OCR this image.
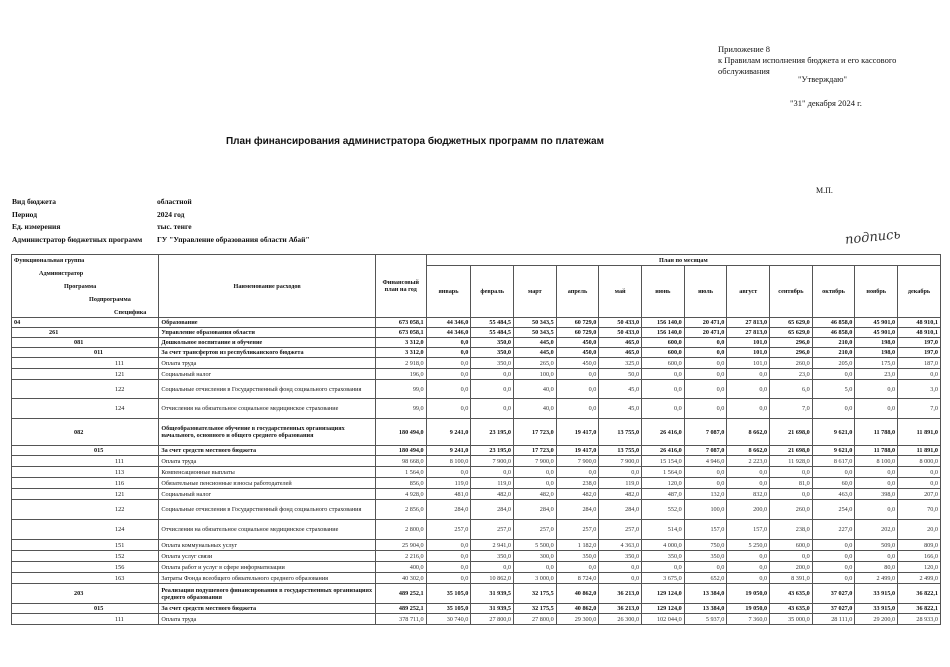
Приложение 8
к Правилам исполнения бюджета и его кассового обслуживания
"Утверждаю"
"31" декабря 2024 г.
План финансирования администратора бюджетных программ по платежам
М.П.
Вид бюджета	областной
Период	2024 год
Ед. измерения	тыс. тенге
Администратор бюджетных программ ГУ "Управление образования области Абай"	подпись
Функциональная группа
Администратор
Программа
Подпрограмма
Специфика	Наименование расходов	Финансовый план на год	План по месяцам											
			январь	февраль	март	апрель	май	июнь	июль	август	сентябрь	октябрь	ноябрь	декабрь
04	Образование	673 058,1	44 346,0	55 484,5	50 343,5	60 729,0	50 433,0	156 140,0	20 471,0	27 813,0	65 629,0	46 858,0	45 901,0	48 910,1
261	Управление образования области	673 058,1	44 346,0	55 484,5	50 343,5	60 729,0	50 433,0	156 140,0	20 471,0	27 813,0	65 629,0	46 858,0	45 901,0	48 910,1
081	Дошкольное воспитание и обучение	3 312,0	0,0	350,0	445,0	450,0	465,0	600,0	0,0	101,0	296,0	210,0	198,0	197,0
011	За счет трансфертов из республиканского бюджета	3 312,0	0,0	350,0	445,0	450,0	465,0	600,0	0,0	101,0	296,0	210,0	198,0	197,0
111	Оплата труда	2 918,0	0,0	350,0	265,0	450,0	325,0	600,0	0,0	101,0	260,0	205,0	175,0	187,0
121	Социальный налог	196,0	0,0	0,0	100,0	0,0	50,0	0,0	0,0	0,0	23,0	0,0	23,0	0,0
122	Социальные отчисления в Государственный фонд социального страхования	99,0	0,0	0,0	40,0	0,0	45,0	0,0	0,0	0,0	6,0	5,0	0,0	3,0
124	Отчисления на обязательное социальное медицинское страхование	99,0	0,0	0,0	40,0	0,0	45,0	0,0	0,0	0,0	7,0	0,0	0,0	7,0
082	Общеобразовательное обучение в государственных организациях начального, основного и общего среднего образования	180 494,0	9 241,0	23 195,0	17 723,0	19 417,0	13 755,0	26 416,0	7 087,0	8 662,0	21 698,0	9 621,0	11 788,0	11 891,0
015	За счет средств местного бюджета	180 494,0	9 241,0	23 195,0	17 723,0	19 417,0	13 755,0	26 416,0	7 087,0	8 662,0	21 698,0	9 621,0	11 788,0	11 891,0
111	Оплата труда	98 668,0	8 100,0	7 900,0	7 900,0	7 900,0	7 900,0	15 154,0	4 946,0	2 223,0	11 928,0	8 617,0	8 100,0	8 000,0
113	Компенсационные выплаты	1 564,0	0,0	0,0	0,0	0,0	0,0	1 564,0	0,0	0,0	0,0	0,0	0,0	0,0
116	Обязательные пенсионные взносы работодателей	856,0	119,0	119,0	0,0	238,0	119,0	120,0	0,0	0,0	81,0	60,0	0,0	0,0
121	Социальный налог	4 928,0	481,0	482,0	482,0	482,0	482,0	487,0	132,0	832,0	0,0	463,0	398,0	207,0
122	Социальные отчисления в Государственный фонд социального страхования	2 856,0	284,0	284,0	284,0	284,0	284,0	552,0	100,0	200,0	260,0	254,0	0,0	70,0
124	Отчисления на обязательное социальное медицинское страхование	2 800,0	257,0	257,0	257,0	257,0	257,0	514,0	157,0	157,0	238,0	227,0	202,0	20,0
151	Оплата коммунальных услуг	25 904,0	0,0	2 941,0	5 500,0	1 182,0	4 363,0	4 000,0	750,0	5 250,0	600,0	0,0	509,0	809,0
152	Оплата услуг связи	2 216,0	0,0	350,0	300,0	350,0	350,0	350,0	350,0	0,0	0,0	0,0	0,0	166,0
156	Оплата работ и услуг в сфере информатизации	400,0	0,0	0,0	0,0	0,0	0,0	0,0	0,0	0,0	200,0	0,0	80,0	120,0
163	Затраты Фонда всеобщего обязательного среднего образования	40 302,0	0,0	10 862,0	3 000,0	8 724,0	0,0	3 675,0	652,0	0,0	8 391,0	0,0	2 499,0	2 499,0
203	Реализация подушевого финансирования в государственных организациях среднего образования	489 252,1	35 105,0	31 939,5	32 175,5	40 862,0	36 213,0	129 124,0	13 384,0	19 050,0	43 635,0	37 027,0	33 915,0	36 822,1
015	За счет средств местного бюджета	489 252,1	35 105,0	31 939,5	32 175,5	40 862,0	36 213,0	129 124,0	13 384,0	19 050,0	43 635,0	37 027,0	33 915,0	36 822,1
111	Оплата труда	378 711,0	30 740,0	27 800,0	27 800,0	29 300,0	26 300,0	102 044,0	5 937,0	7 360,0	35 000,0	28 111,0	29 200,0	28 933,0
